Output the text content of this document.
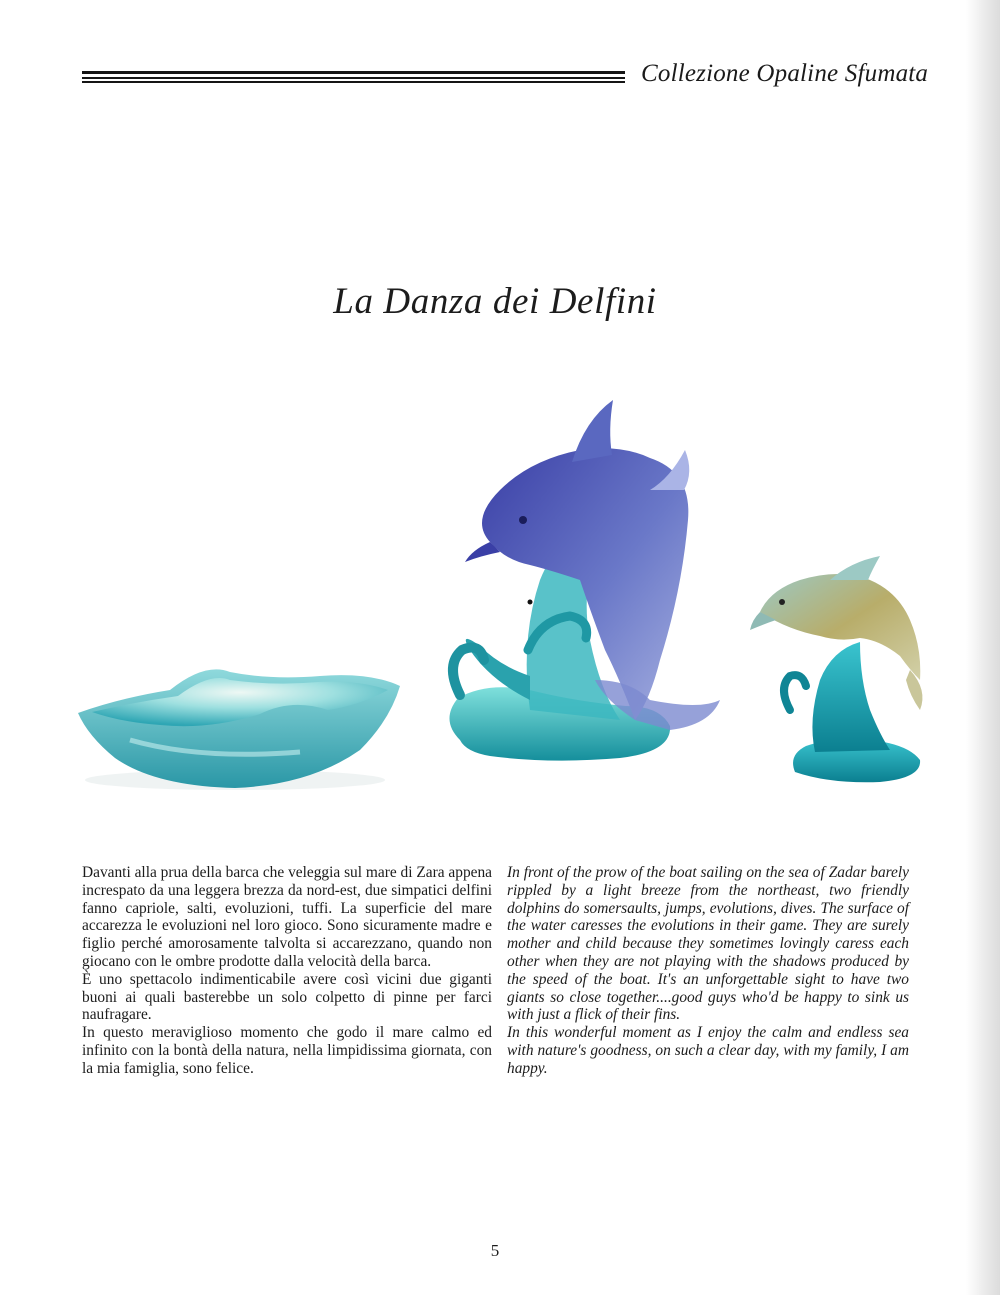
Collezione Opaline Sfumata
La Danza dei Delfini

Davanti alla prua della barca che veleggia sul mare di Zara appena increspato da una leggera brezza da nord-est, due simpatici delfini fanno capriole, salti, evoluzioni, tuffi. La superficie del mare accarezza le evoluzioni nel loro gioco. Sono sicuramente madre e figlio perché amorosamente talvolta si accarezzano, quando non giocano con le ombre prodotte dalla velocità della barca.

È uno spettacolo indimenticabile avere così vicini due giganti buoni ai quali basterebbe un solo colpetto di pinne per farci naufragare.

In questo meraviglioso momento che godo il mare calmo ed infinito con la bontà della natura, nella limpidissima giornata, con la mia famiglia, sono felice.

In front of the prow of the boat sailing on the sea of Zadar barely rippled by a light breeze from the northeast, two friendly dolphins do somersaults, jumps, evolutions, dives. The surface of the water caresses the evolutions in their game. They are surely mother and child because they sometimes lovingly caress each other when they are not playing with the shadows produced by the speed of the boat. It's an unforgettable sight to have two giants so close together....good guys who'd be happy to sink us with just a flick of their fins.

In this wonderful moment as I enjoy the calm and endless sea with nature's goodness, on such a clear day, with my family, I am happy.

5
